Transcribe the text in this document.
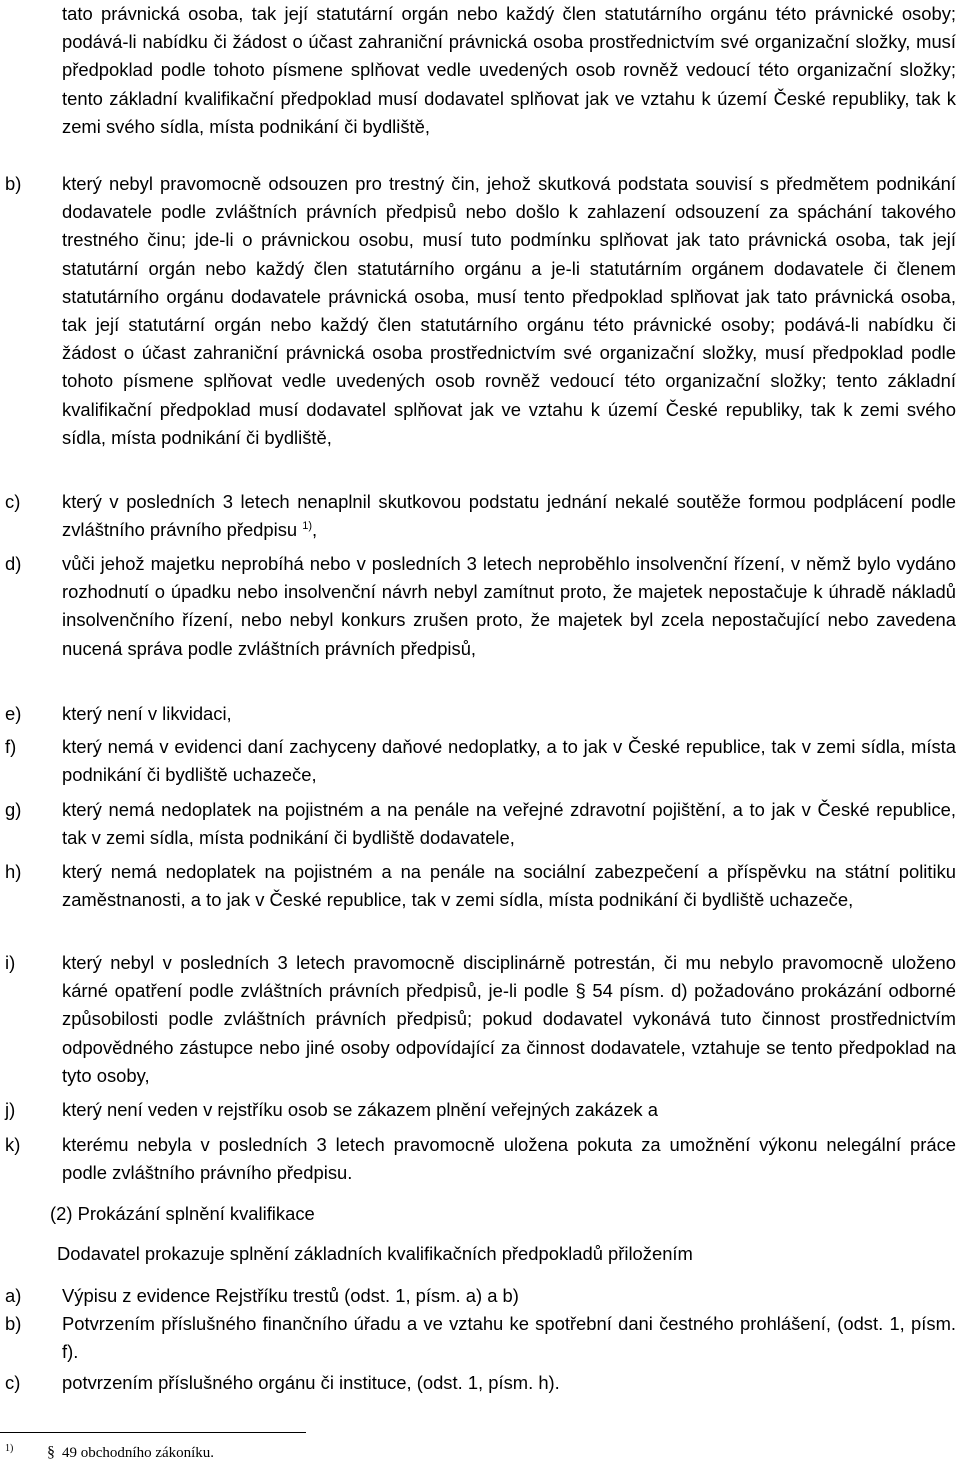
tato právnická osoba, tak její statutární orgán nebo každý člen statutárního orgánu této právnické osoby; podává-li nabídku či žádost o účast zahraniční právnická osoba prostřednictvím své organizační složky, musí předpoklad podle tohoto písmene splňovat vedle uvedených osob rovněž vedoucí této organizační složky; tento základní kvalifikační předpoklad musí dodavatel splňovat jak ve vztahu k území České republiky, tak k zemi svého sídla, místa podnikání či bydliště,
b) který nebyl pravomocně odsouzen pro trestný čin, jehož skutková podstata souvisí s předmětem podnikání dodavatele podle zvláštních právních předpisů nebo došlo k zahlazení odsouzení za spáchání takového trestného činu; jde-li o právnickou osobu, musí tuto podmínku splňovat jak tato právnická osoba, tak její statutární orgán nebo každý člen statutárního orgánu a je-li statutárním orgánem dodavatele či členem statutárního orgánu dodavatele právnická osoba, musí tento předpoklad splňovat jak tato právnická osoba, tak její statutární orgán nebo každý člen statutárního orgánu této právnické osoby; podává-li nabídku či žádost o účast zahraniční právnická osoba prostřednictvím své organizační složky, musí předpoklad podle tohoto písmene splňovat vedle uvedených osob rovněž vedoucí této organizační složky; tento základní kvalifikační předpoklad musí dodavatel splňovat jak ve vztahu k území České republiky, tak k zemi svého sídla, místa podnikání či bydliště,
c) který v posledních 3 letech nenaplnil skutkovou podstatu jednání nekalé soutěže formou podplácení podle zvláštního právního předpisu $^{1)}$,
d) vůči jehož majetku neprobíhá nebo v posledních 3 letech neproběhlo insolvenční řízení, v němž bylo vydáno rozhodnutí o úpadku nebo insolvenční návrh nebyl zamítnut proto, že majetek nepostačuje k úhradě nákladů insolvenčního řízení, nebo nebyl konkurs zrušen proto, že majetek byl zcela nepostačující nebo zavedena nucená správa podle zvláštních právních předpisů,
e) který není v likvidaci,
f) který nemá v evidenci daní zachyceny daňové nedoplatky, a to jak v České republice, tak v zemi sídla, místa podnikání či bydliště uchazeče,
g) který nemá nedoplatek na pojistném a na penále na veřejné zdravotní pojištění, a to jak v České republice, tak v zemi sídla, místa podnikání či bydliště dodavatele,
h) který nemá nedoplatek na pojistném a na penále na sociální zabezpečení a příspěvku na státní politiku zaměstnanosti, a to jak v České republice, tak v zemi sídla, místa podnikání či bydliště uchazeče,
i)	který nebyl v posledních 3 letech pravomocně disciplinárně potrestán, či mu nebylo pravomocně uloženo kárné opatření podle zvláštních právních předpisů, je-li podle § 54 písm. d) požadováno prokázání odborné způsobilosti podle zvláštních právních předpisů; pokud dodavatel vykonává tuto činnost prostřednictvím odpovědného zástupce nebo jiné osoby odpovídající za činnost dodavatele, vztahuje se tento předpoklad na tyto osoby,
j)	který není veden v rejstříku osob se zákazem plnění veřejných zakázek a
k) kterému nebyla v posledních 3 letech pravomocně uložena pokuta za umožnění výkonu nelegální práce podle zvláštního právního předpisu.
(2) Prokázání splnění kvalifikace
Dodavatel prokazuje splnění základních kvalifikačních předpokladů přiložením
a) Výpisu z evidence Rejstříku trestů (odst. 1, písm. a) a b)
b) Potvrzením příslušného finančního úřadu a ve vztahu ke spotřební dani čestného prohlášení, (odst. 1, písm. f).
c) potvrzením příslušného orgánu či instituce, (odst. 1, písm. h).
1) § 49 obchodního zákoníku.
